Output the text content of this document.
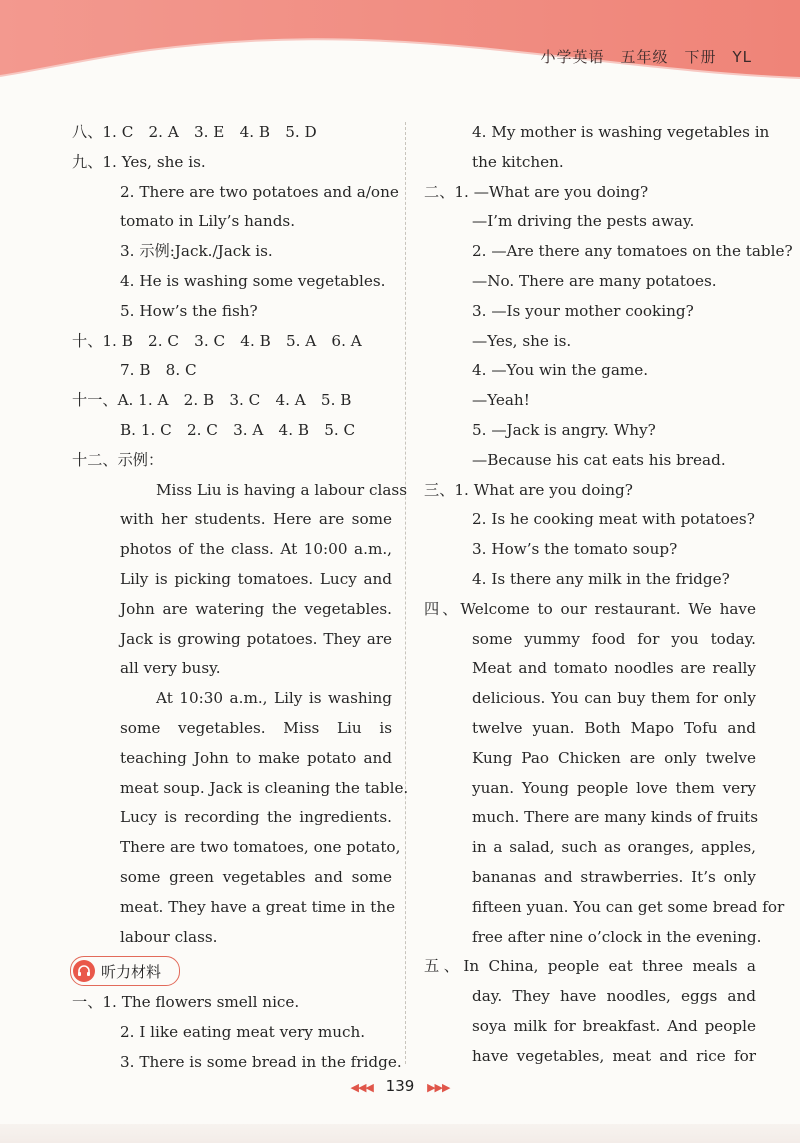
小学英语　五年级　下册　YL
八、1. C　2. A　3. E　4. B　5. D
九、1. Yes, she is.
2. There are two potatoes and a/one
tomato in Lily’s hands.
3. 示例:Jack./Jack is.
4. He is washing some vegetables.
5. How’s the fish?
十、1. B　2. C　3. C　4. B　5. A　6. A
7. B　8. C
十一、A. 1. A　2. B　3. C　4. A　5. B
B. 1. C　2. C　3. A　4. B　5. C
十二、示例：
Miss Liu is having a labour class
with her students. Here are some
photos of the class. At 10:00 a.m.,
Lily is picking tomatoes. Lucy and
John are watering the vegetables.
Jack is growing potatoes. They are
all very busy.
At 10:30 a.m., Lily is washing
some vegetables. Miss Liu is
teaching John to make potato and
meat soup. Jack is cleaning the table.
Lucy is recording the ingredients.
There are two tomatoes, one potato,
some green vegetables and some
meat. They have a great time in the
labour class.
听力材料
一、1. The flowers smell nice.
2. I like eating meat very much.
3. There is some bread in the fridge.
4. My mother is washing vegetables in
the kitchen.
二、1. —What are you doing?
—I’m driving the pests away.
2. —Are there any tomatoes on the table?
—No. There are many potatoes.
3. —Is your mother cooking?
—Yes, she is.
4. —You win the game.
—Yeah!
5. —Jack is angry. Why?
—Because his cat eats his bread.
三、1. What are you doing?
2. Is he cooking meat with potatoes?
3. How’s the tomato soup?
4. Is there any milk in the fridge?
四、Welcome to our restaurant. We have
some yummy food for you today.
Meat and tomato noodles are really
delicious. You can buy them for only
twelve yuan. Both Mapo Tofu and
Kung Pao Chicken are only twelve
yuan. Young people love them very
much. There are many kinds of fruits
in a salad, such as oranges, apples,
bananas and strawberries. It’s only
fifteen yuan. You can get some bread for
free after nine o’clock in the evening.
五、In China, people eat three meals a
day. They have noodles, eggs and
soya milk for breakfast. And people
have vegetables, meat and rice for
◀◀◀ 139 ▶▶▶
